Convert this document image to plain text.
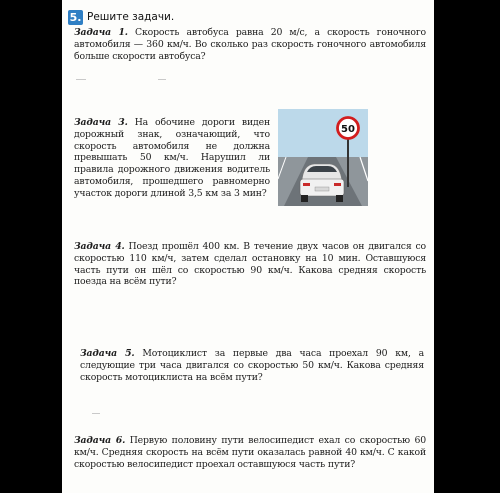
5. Решите задачи.
Задача 1. Скорость автобуса равна 20 м/с, а скорость гоночного автомобиля — 360 км/ч. Во сколько раз скорость гоночного автомобиля больше скорости автобуса?
Задача 3. На обочине дороги виден дорожный знак, означающий, что скорость автомобиля не должна превышать 50 км/ч. Нарушил ли правила дорожного движения водитель автомобиля, прошедшего равномерно участок дороги длиной 3,5 км за 3 мин?
50
Задача 4. Поезд прошёл 400 км. В течение двух часов он двигался со скоростью 110 км/ч, затем сделал остановку на 10 мин. Оставшуюся часть пути он шёл со скоростью 90 км/ч. Какова средняя скорость поезда на всём пути?
Задача 5. Мотоциклист за первые два часа проехал 90 км, а следующие три часа двигался со скоростью 50 км/ч. Какова средняя скорость мотоциклиста на всём пути?
Задача 6. Первую половину пути велосипедист ехал со скоростью 60 км/ч. Средняя скорость на всём пути оказалась равной 40 км/ч. С какой скоростью велосипедист проехал оставшуюся часть пути?
